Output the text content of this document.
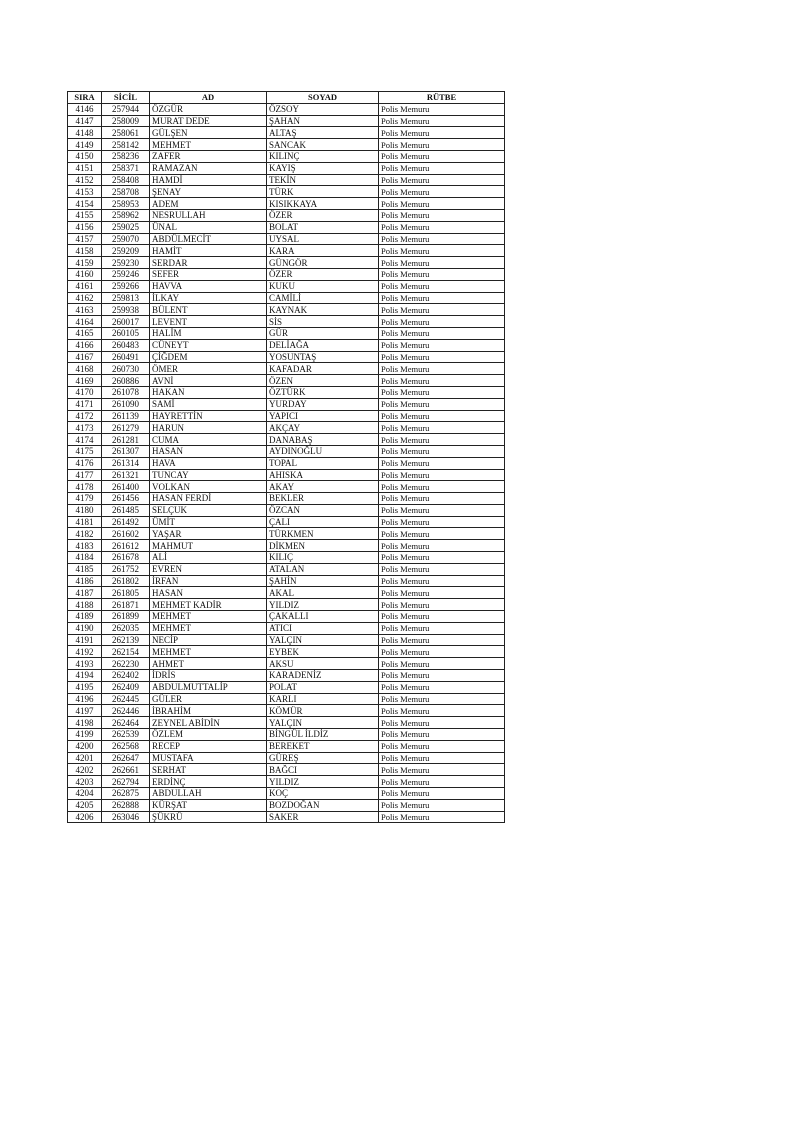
SIRA	SİCİL	AD	SOYAD	RÜTBE
4146	257944	ÖZGÜR	ÖZSOY	Polis Memuru
4147	258009	MURAT DEDE	ŞAHAN	Polis Memuru
4148	258061	GÜLŞEN	ALTAŞ	Polis Memuru
4149	258142	MEHMET	SANCAK	Polis Memuru
4150	258236	ZAFER	KILINÇ	Polis Memuru
4151	258371	RAMAZAN	KAYIŞ	Polis Memuru
4152	258408	HAMDİ	TEKİN	Polis Memuru
4153	258708	ŞENAY	TÜRK	Polis Memuru
4154	258953	ADEM	KISIKKAYA	Polis Memuru
4155	258962	NESRULLAH	ÖZER	Polis Memuru
4156	259025	ÜNAL	BOLAT	Polis Memuru
4157	259070	ABDÜLMECİT	UYSAL	Polis Memuru
4158	259209	HAMİT	KARA	Polis Memuru
4159	259230	SERDAR	GÜNGÖR	Polis Memuru
4160	259246	SEFER	ÖZER	Polis Memuru
4161	259266	HAVVA	KUKU	Polis Memuru
4162	259813	İLKAY	CAMİLİ	Polis Memuru
4163	259938	BÜLENT	KAYNAK	Polis Memuru
4164	260017	LEVENT	SİS	Polis Memuru
4165	260105	HALİM	GÜR	Polis Memuru
4166	260483	CÜNEYT	DELİAĞA	Polis Memuru
4167	260491	ÇİĞDEM	YOSUNTAŞ	Polis Memuru
4168	260730	ÖMER	KAFADAR	Polis Memuru
4169	260886	AVNİ	ÖZEN	Polis Memuru
4170	261078	HAKAN	ÖZTÜRK	Polis Memuru
4171	261090	SAMİ	YURDAY	Polis Memuru
4172	261139	HAYRETTİN	YAPICI	Polis Memuru
4173	261279	HARUN	AKÇAY	Polis Memuru
4174	261281	CUMA	DANABAŞ	Polis Memuru
4175	261307	HASAN	AYDINOĞLU	Polis Memuru
4176	261314	HAVA	TOPAL	Polis Memuru
4177	261321	TUNCAY	AHISKA	Polis Memuru
4178	261400	VOLKAN	AKAY	Polis Memuru
4179	261456	HASAN FERDİ	BEKLER	Polis Memuru
4180	261485	SELÇUK	ÖZCAN	Polis Memuru
4181	261492	ÜMİT	ÇALI	Polis Memuru
4182	261602	YAŞAR	TÜRKMEN	Polis Memuru
4183	261612	MAHMUT	DİKMEN	Polis Memuru
4184	261678	ALİ	KILIÇ	Polis Memuru
4185	261752	EVREN	ATALAN	Polis Memuru
4186	261802	İRFAN	ŞAHİN	Polis Memuru
4187	261805	HASAN	AKAL	Polis Memuru
4188	261871	MEHMET KADİR	YILDIZ	Polis Memuru
4189	261899	MEHMET	ÇAKALLI	Polis Memuru
4190	262035	MEHMET	ATICI	Polis Memuru
4191	262139	NECİP	YALÇIN	Polis Memuru
4192	262154	MEHMET	EYBEK	Polis Memuru
4193	262230	AHMET	AKSU	Polis Memuru
4194	262402	İDRİS	KARADENİZ	Polis Memuru
4195	262409	ABDULMUTTALİP	POLAT	Polis Memuru
4196	262445	GÜLER	KARLI	Polis Memuru
4197	262446	İBRAHİM	KÖMÜR	Polis Memuru
4198	262464	ZEYNEL ABİDİN	YALÇIN	Polis Memuru
4199	262539	ÖZLEM	BİNGÜL İLDİZ	Polis Memuru
4200	262568	RECEP	BEREKET	Polis Memuru
4201	262647	MUSTAFA	GÜREŞ	Polis Memuru
4202	262661	SERHAT	BAĞCI	Polis Memuru
4203	262794	ERDİNÇ	YILDIZ	Polis Memuru
4204	262875	ABDULLAH	KOÇ	Polis Memuru
4205	262888	KÜRŞAT	BOZDOĞAN	Polis Memuru
4206	263046	ŞÜKRÜ	SAKER	Polis Memuru
